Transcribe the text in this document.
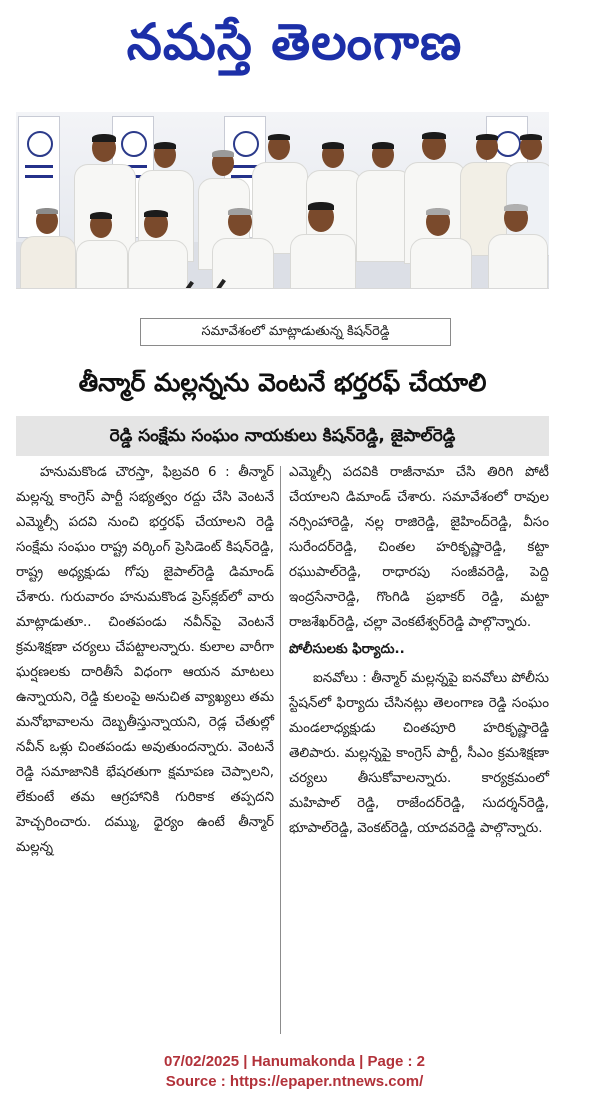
నమస్తే తెలంగాణ
సమావేశంలో మాట్లాడుతున్న కిషన్‌రెడ్డి
తీన్మార్ మల్లన్నను వెంటనే భర్తరఫ్ చేయాలి
రెడ్డి సంక్షేమ సంఘం నాయకులు కిషన్‌రెడ్డి, జైపాల్‌రెడ్డి

హనుమకొండ చౌరస్తా, ఫిబ్రవరి 6 : తీన్మార్ మల్లన్న కాంగ్రెస్ పార్టీ సభ్యత్వం రద్దు చేసి వెంటనే ఎమ్మెల్సీ పదవి నుంచి భర్తరఫ్ చేయాలని రెడ్డి సంక్షేమ సంఘం రాష్ట్ర వర్కింగ్ ప్రెసిడెంట్ కిషన్‌రెడ్డి, రాష్ట్ర అధ్యక్షుడు గోపు జైపాల్‌రెడ్డి డిమాండ్ చేశారు. గురువారం హనుమకొండ ప్రెస్‌క్లబ్‌లో వారు మాట్లాడుతూ.. చింతపండు నవీన్‌పై వెంటనే క్రమశిక్షణా చర్యలు చేపట్టాలన్నారు. కులాల వారీగా ఘర్షణలకు దారితీసే విధంగా ఆయన మాటలు ఉన్నాయని, రెడ్డి కులంపై అనుచిత వ్యాఖ్యలు తమ మనోభావాలను దెబ్బతీస్తున్నాయని, రెడ్ల చేతుల్లో నవీన్ ఒళ్లు చింతపండు అవుతుందన్నారు. వెంటనే రెడ్డి సమాజానికి భేషరతుగా క్షమాపణ చెప్పాలని, లేకుంటే తమ ఆగ్రహానికి గురికాక తప్పదని హెచ్చరించారు. దమ్ము, ధైర్యం ఉంటే తీన్మార్ మల్లన్న

ఎమ్మెల్సీ పదవికి రాజీనామా చేసి తిరిగి పోటీ చేయాలని డిమాండ్ చేశారు. సమావేశంలో రావుల నర్సింహారెడ్డి, నల్ల రాజిరెడ్డి, జైహింద్‌రెడ్డి, వీసం సురేందర్‌రెడ్డి, చింతల హరికృష్ణారెడ్డి, కట్టా రఘుపాల్‌రెడ్డి, రాధారపు సంజీవరెడ్డి, పెద్ది ఇంద్రసేనారెడ్డి, గొంగిడి ప్రభాకర్ రెడ్డి, మట్టా రాజశేఖర్‌రెడ్డి, చల్లా వెంకటేశ్వర్‌రెడ్డి పాల్గొన్నారు.

పోలీసులకు ఫిర్యాదు..

ఐనవోలు : తీన్మార్ మల్లన్నపై ఐనవోలు పోలీసు స్టేషన్‌లో ఫిర్యాదు చేసినట్లు తెలంగాణ రెడ్డి సంఘం మండలాధ్యక్షుడు చింతపూరి హరికృష్ణారెడ్డి తెలిపారు. మల్లన్నపై కాంగ్రెస్ పార్టీ, సీఎం క్రమశిక్షణా చర్యలు తీసుకోవాలన్నారు. కార్యక్రమంలో మహిపాల్ రెడ్డి, రాజేందర్‌రెడ్డి, సుదర్శన్‌రెడ్డి, భూపాల్‌రెడ్డి, వెంకట్‌రెడ్డి, యాదవరెడ్డి పాల్గొన్నారు.

07/02/2025 | Hanumakonda | Page : 2
Source : https://epaper.ntnews.com/
